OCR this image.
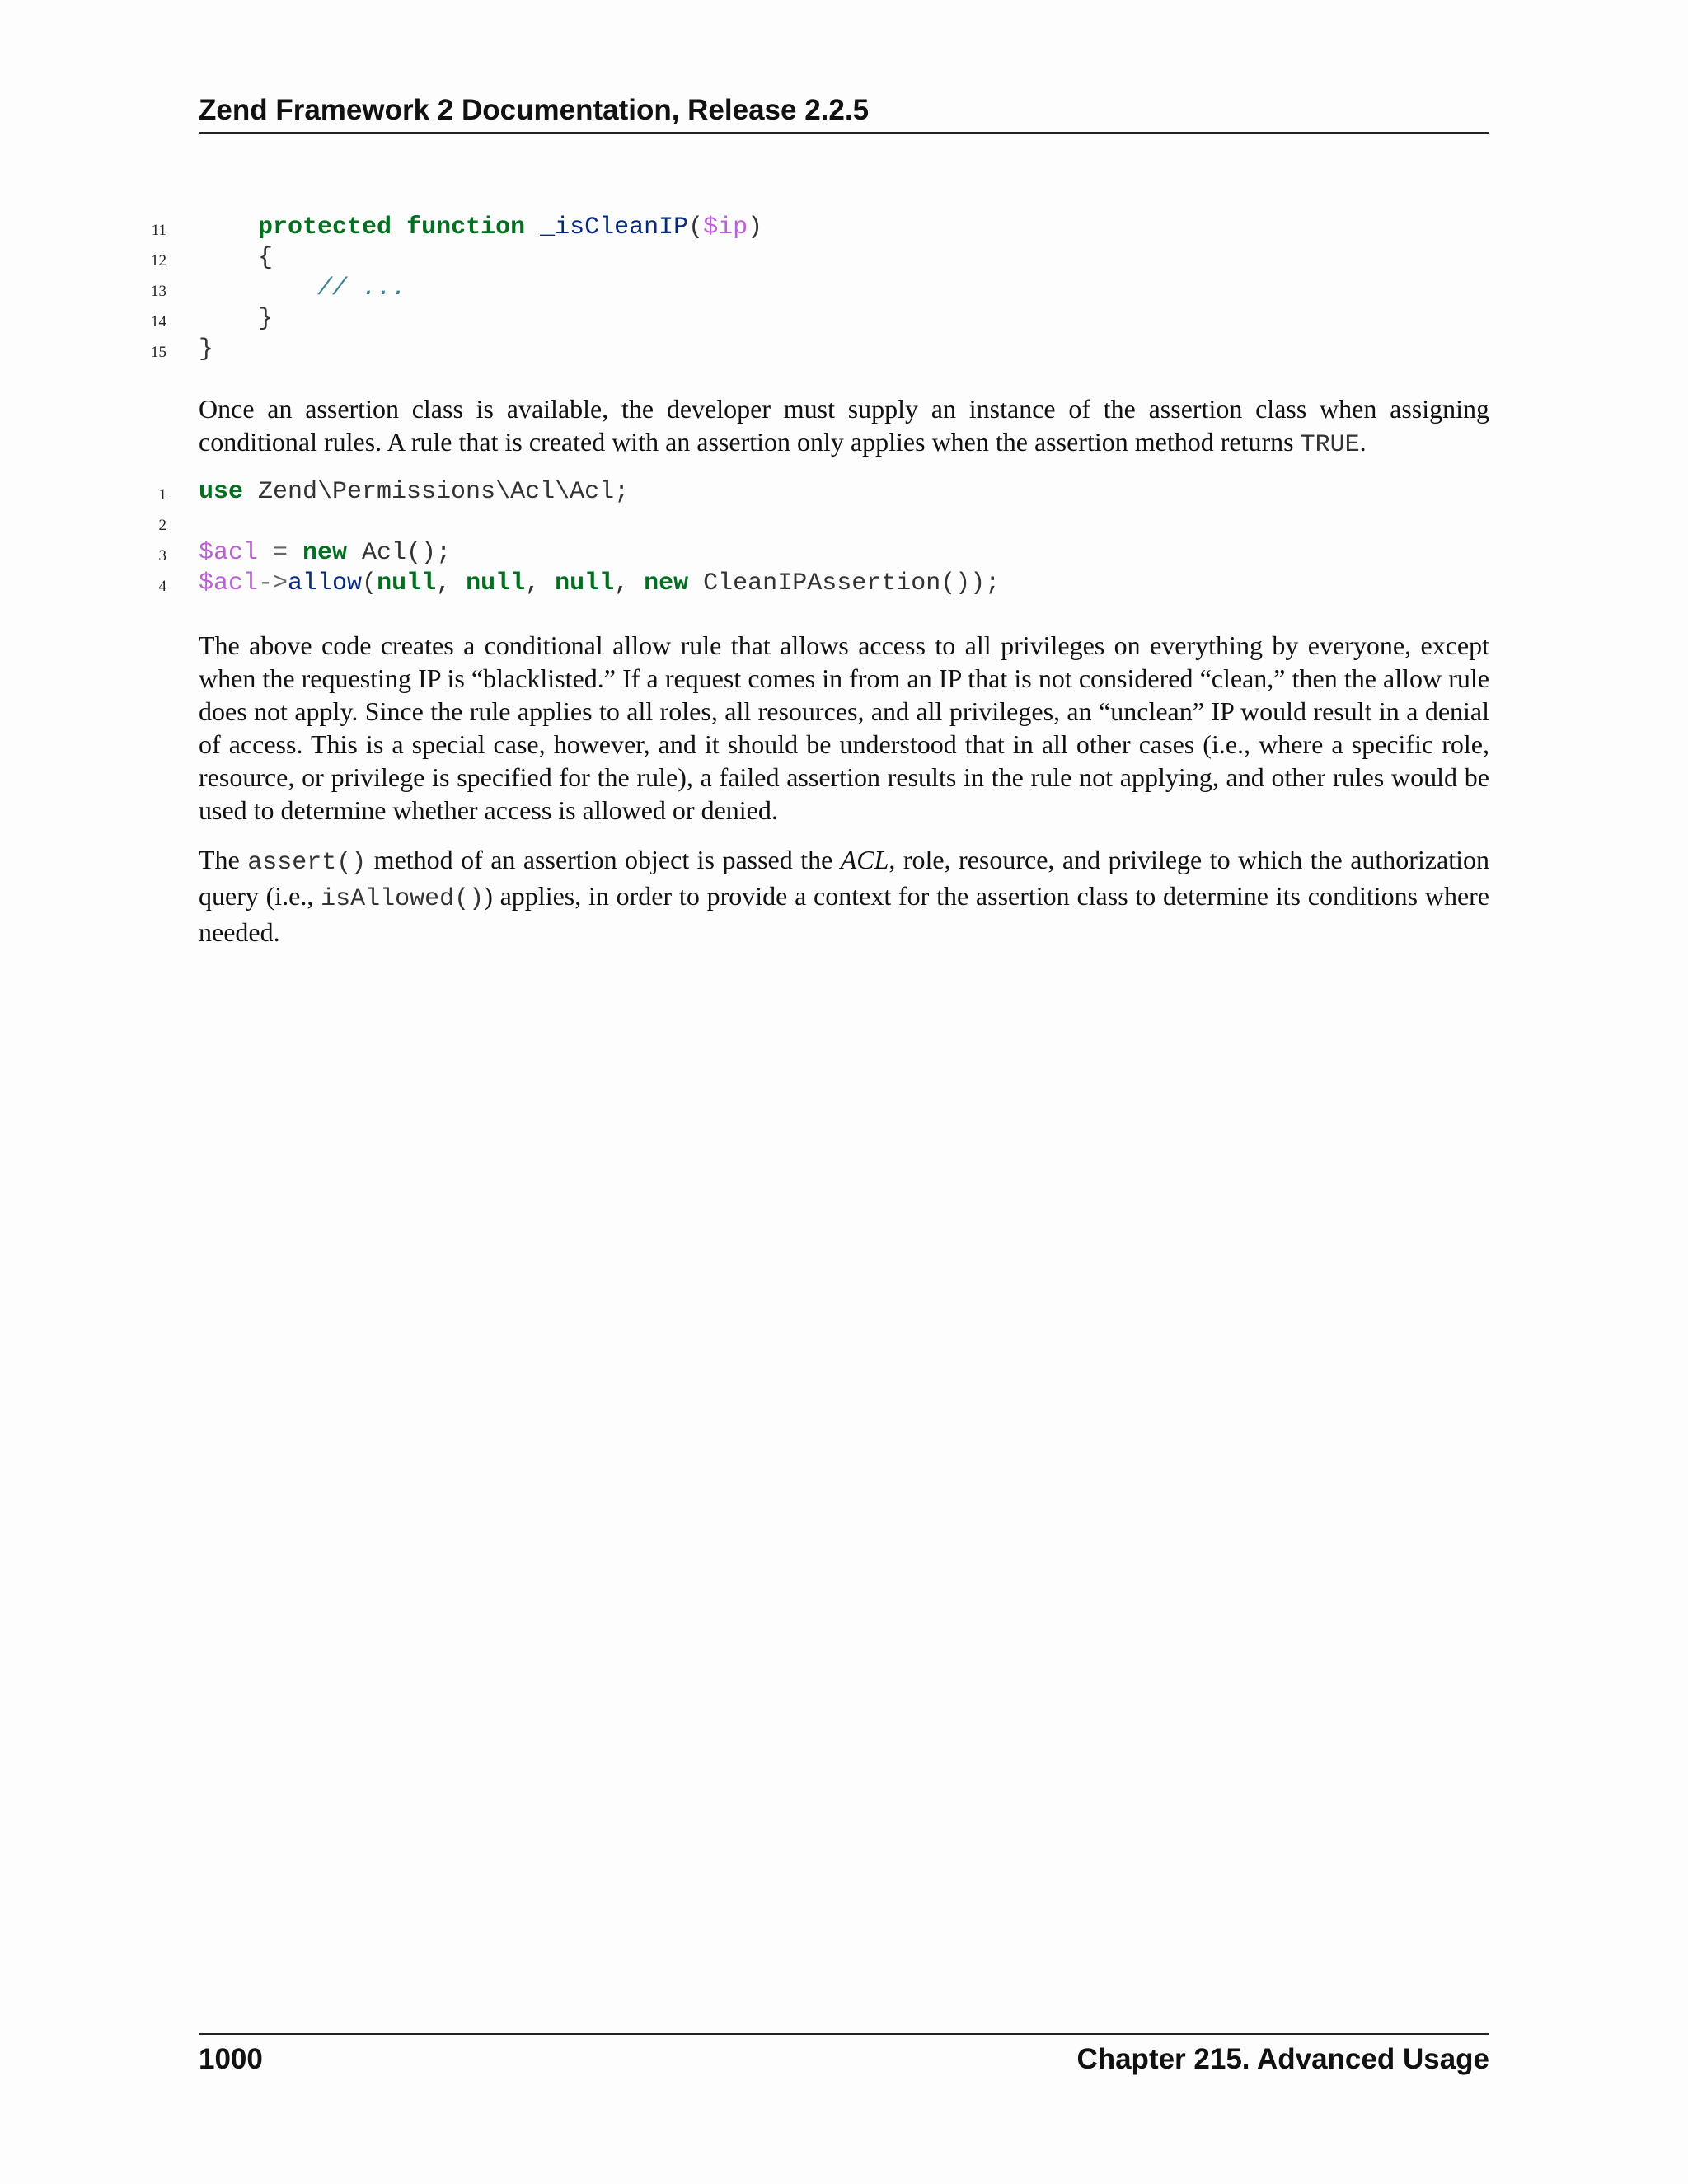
Zend Framework 2 Documentation, Release 2.2.5
11	protected function _isCleanIP($ip)
12	{
13	// ...
14	}
15 }

Once an assertion class is available, the developer must supply an instance of the assertion class when assigning conditional rules. A rule that is created with an assertion only applies when the assertion method returns TRUE.

1 use Zend\Permissions\Acl\Acl;
2
3 $acl = new Acl();
4 $acl->allow(null, null, null, new CleanIPAssertion());

The above code creates a conditional allow rule that allows access to all privileges on everything by everyone, except when the requesting IP is “blacklisted.” If a request comes in from an IP that is not considered “clean,” then the allow rule does not apply. Since the rule applies to all roles, all resources, and all privileges, an “unclean” IP would result in a denial of access. This is a special case, however, and it should be understood that in all other cases (i.e., where a specific role, resource, or privilege is specified for the rule), a failed assertion results in the rule not applying, and other rules would be used to determine whether access is allowed or denied.

The assert() method of an assertion object is passed the ACL, role, resource, and privilege to which the authorization query (i.e., isAllowed()) applies, in order to provide a context for the assertion class to determine its conditions where needed.

1000	Chapter 215. Advanced Usage
